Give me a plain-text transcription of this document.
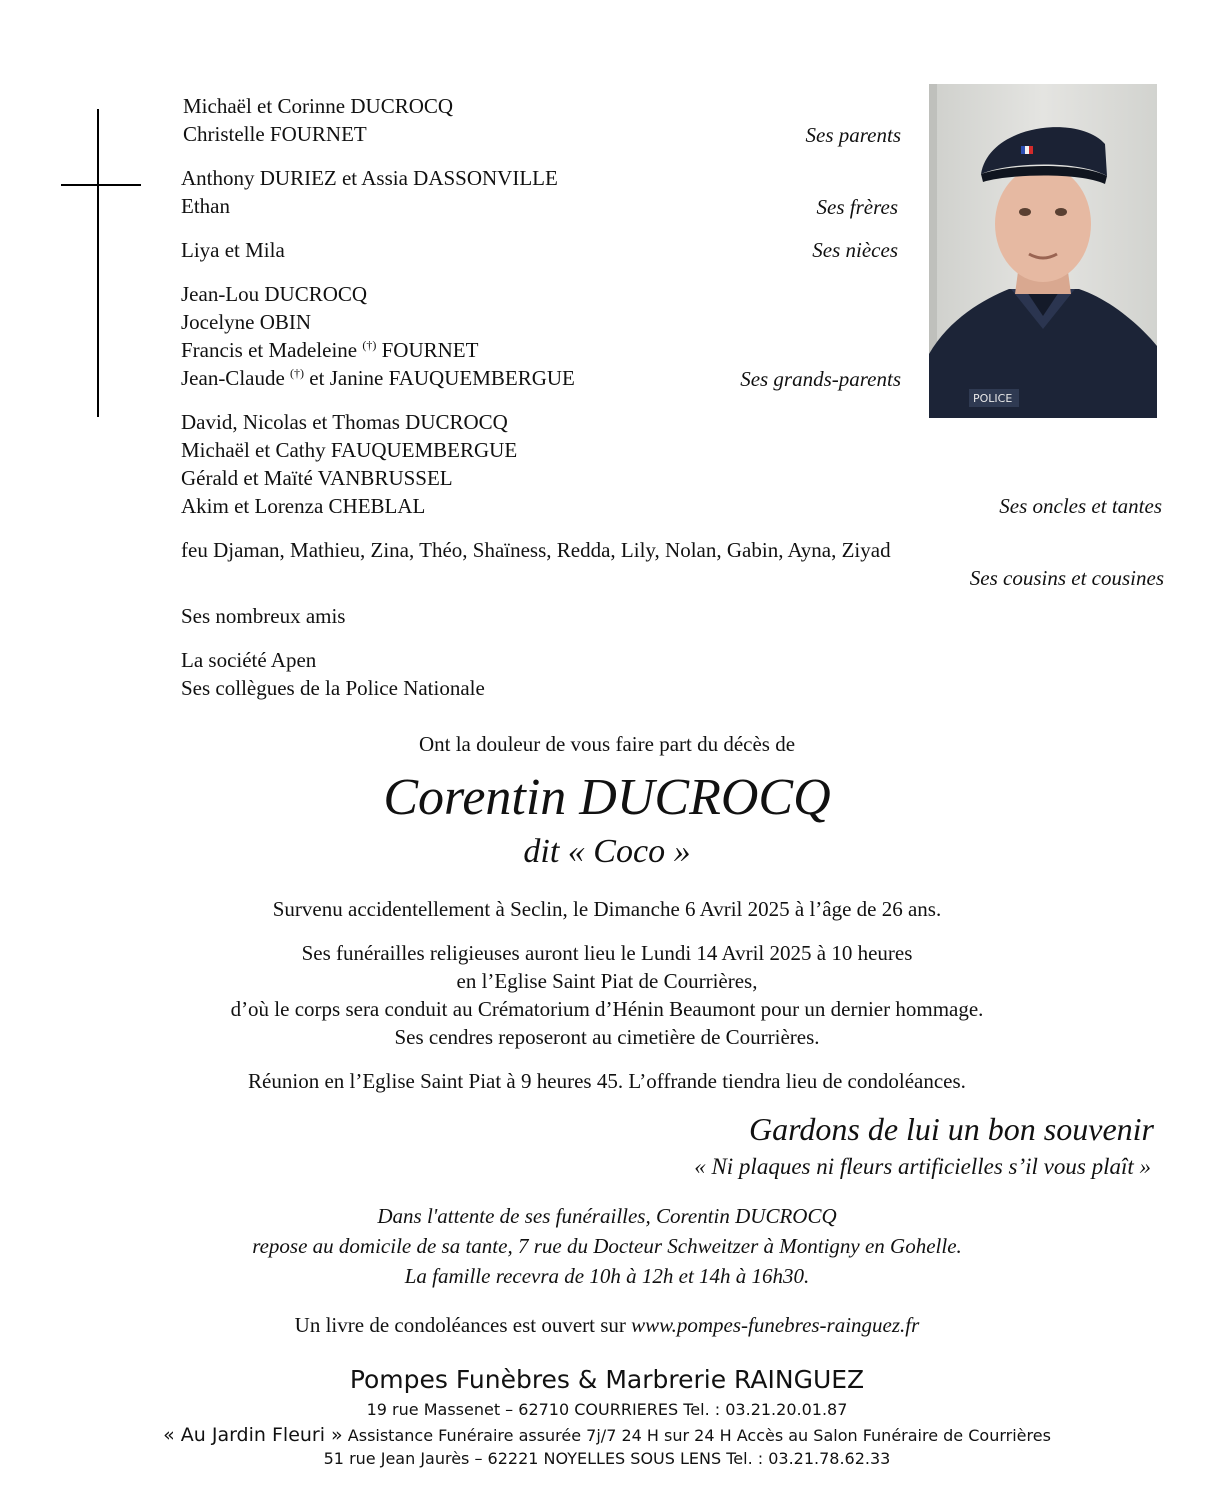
Michaël et Corinne DUCROCQ
Christelle FOURNET	Ses parents
Anthony DURIEZ et Assia DASSONVILLE
Ethan	Ses frères
Liya et Mila	Ses nièces
Jean-Lou DUCROCQ
Jocelyne OBIN
Francis et Madeleine (†) FOURNET
Jean-Claude (†) et Janine FAUQUEMBERGUE	Ses grands-parents
David, Nicolas et Thomas DUCROCQ
Michaël et Cathy FAUQUEMBERGUE
Gérald et Maïté VANBRUSSEL
Akim et Lorenza CHEBLAL	Ses oncles et tantes
feu Djaman, Mathieu, Zina, Théo, Shaïness, Redda, Lily, Nolan, Gabin, Ayna, Ziyad
Ses cousins et cousines
Ses nombreux amis
La société Apen
Ses collègues de la Police Nationale
POLICE
Ont la douleur de vous faire part du décès de
Corentin DUCROCQ
dit « Coco »
Survenu accidentellement à Seclin, le Dimanche 6 Avril 2025 à l’âge de 26 ans.
Ses funérailles religieuses auront lieu le Lundi 14 Avril 2025 à 10 heures
en l’Eglise Saint Piat de Courrières,
d’où le corps sera conduit au Crématorium d’Hénin Beaumont pour un dernier hommage.
Ses cendres reposeront au cimetière de Courrières.
Réunion en l’Eglise Saint Piat à 9 heures 45. L’offrande tiendra lieu de condoléances.
Gardons de lui un bon souvenir
« Ni plaques ni fleurs artificielles s’il vous plaît »
Dans l'attente de ses funérailles, Corentin DUCROCQ
repose au domicile de sa tante, 7 rue du Docteur Schweitzer à Montigny en Gohelle.
La famille recevra de 10h à 12h et 14h à 16h30.
Un livre de condoléances est ouvert sur www.pompes-funebres-rainguez.fr
Pompes Funèbres & Marbrerie RAINGUEZ
19 rue Massenet – 62710 COURRIERES Tel. : 03.21.20.01.87
« Au Jardin Fleuri » Assistance Funéraire assurée 7j/7 24 H sur 24 H Accès au Salon Funéraire de Courrières
51 rue Jean Jaurès – 62221 NOYELLES SOUS LENS Tel. : 03.21.78.62.33
